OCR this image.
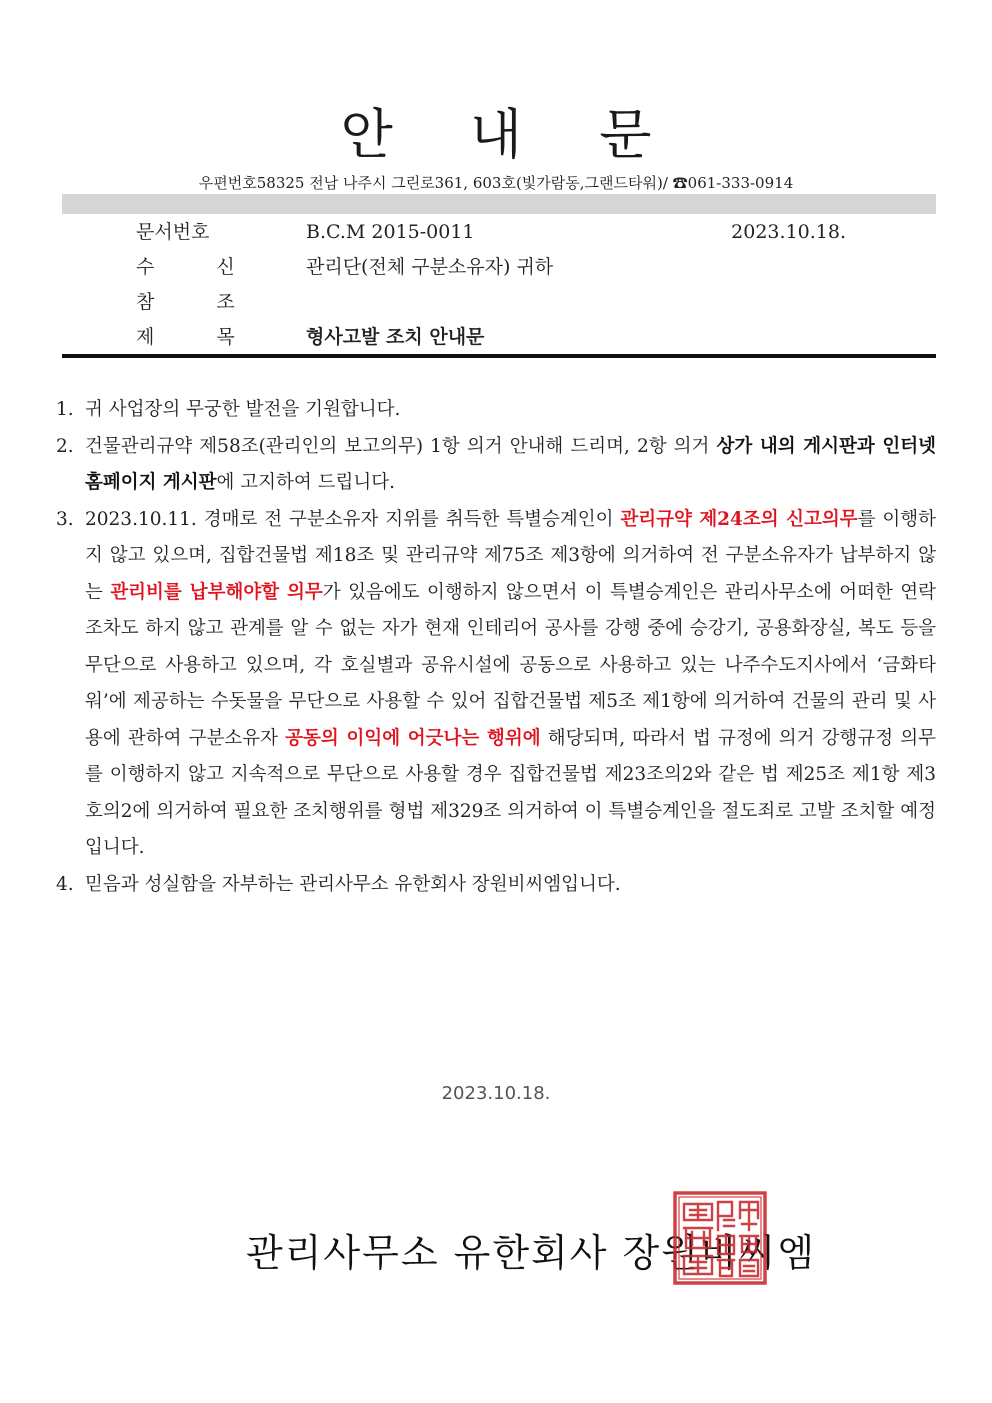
안 내 문
우편번호58325 전남 나주시 그린로361, 603호(빛가람동,그랜드타워)/ ☎061-333-0914
문서번호	B.C.M 2015-0011	2023.10.18.
수 신 관리단(전체 구분소유자) 귀하
참 조
제 목 형사고발 조치 안내문
1. 귀 사업장의 무궁한 발전을 기원합니다.
2. 건물관리규약 제58조(관리인의 보고의무) 1항 의거 안내해 드리며, 2항 의거 상가 내의 게시판과 인터넷 홈페이지 게시판에 고지하여 드립니다.
3. 2023.10.11. 경매로 전 구분소유자 지위를 취득한 특별승계인이 관리규약 제24조의 신고의무를 이행하지 않고 있으며, 집합건물법 제18조 및 관리규약 제75조 제3항에 의거하여 전 구분소유자가 납부하지 않는 관리비를 납부해야할 의무가 있음에도 이행하지 않으면서 이 특별승계인은 관리사무소에 어떠한 연락조차도 하지 않고 관계를 알 수 없는 자가 현재 인테리어 공사를 강행 중에 승강기, 공용화장실, 복도 등을 무단으로 사용하고 있으며, 각 호실별과 공유시설에 공동으로 사용하고 있는 나주수도지사에서 ‘금화타워’에 제공하는 수돗물을 무단으로 사용할 수 있어 집합건물법 제5조 제1항에 의거하여 건물의 관리 및 사용에 관하여 구분소유자 공동의 이익에 어긋나는 행위에 해당되며, 따라서 법 규정에 의거 강행규정 의무를 이행하지 않고 지속적으로 무단으로 사용할 경우 집합건물법 제23조의2와 같은 법 제25조 제1항 제3호의2에 의거하여 필요한 조치행위를 형법 제329조 의거하여 이 특별승계인을 절도죄로 고발 조치할 예정입니다.
4. 믿음과 성실함을 자부하는 관리사무소 유한회사 장원비씨엠입니다.
2023.10.18.
관리사무소 유한회사 장원비씨엠
